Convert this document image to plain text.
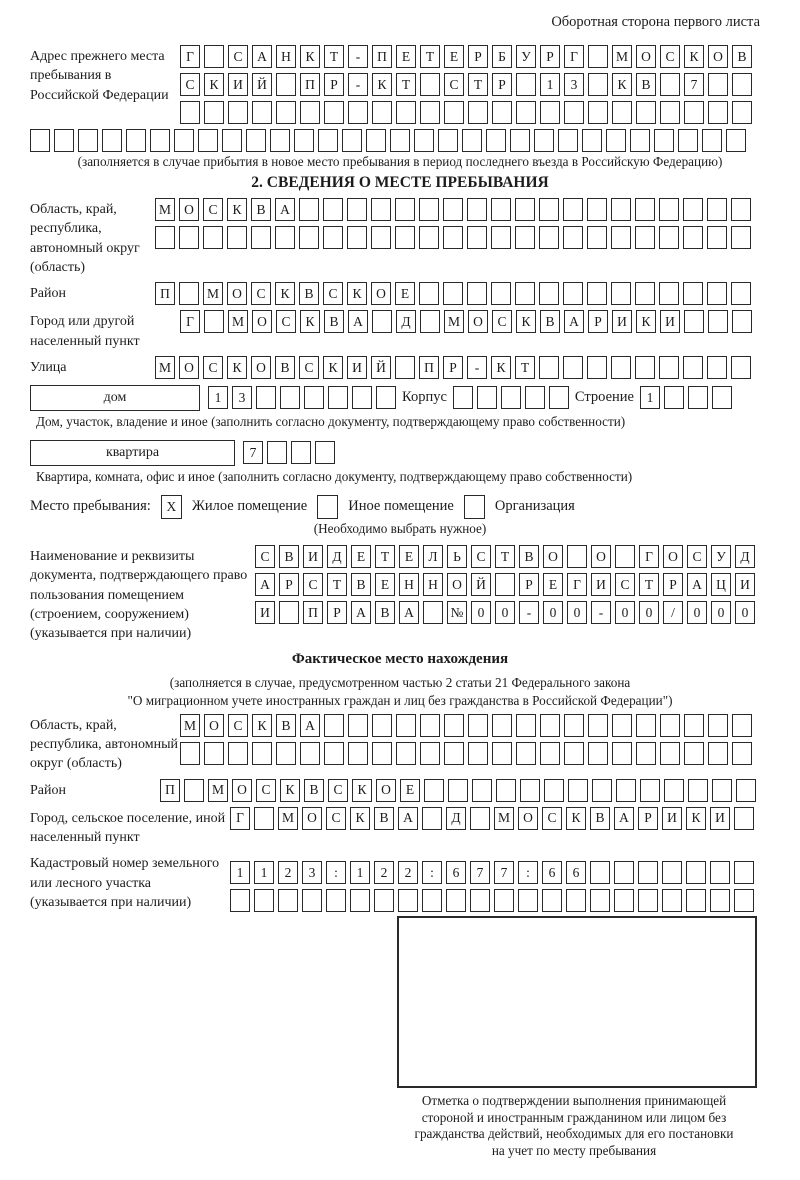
Оборотная сторона первого листа
Адрес прежнего места пребывания в Российской Федерации
Г	С	А	Н	К	Т	-	П	Е	Т	Е	Р	Б	У	Р	Г	М О	С	К	О	В
С	К	И	Й	П	Р	-	К	Т	С	Т	Р	1	3	К	В	7
(заполняется в случае прибытия в новое место пребывания в период последнего въезда в Российскую Федерацию)
2. СВЕДЕНИЯ О МЕСТЕ ПРЕБЫВАНИЯ
Область, край, республика, автономный округ (область)
М О	С	К	В	А
Район	П	М О	С	К	В	С	К	О	Е
Город или другой населенный пункт
Г	М О	С	К	В	А	Д	М О	С	К	В	А	Р	И	К	И
Улица	М О	С	К	О	В	С	К	И	Й	П	Р	-	К	Т
дом	1	3	Корпус	Строение 1
Дом, участок, владение и иное (заполнить согласно документу, подтверждающему право собственности)
квартира	7
Квартира, комната, офис и иное (заполнить согласно документу, подтверждающему право собственности)
Место пребывания:	X	Жилое помещение	Иное помещение	Организация
(Необходимо выбрать нужное)
Наименование и реквизиты документа, подтверждающего право пользования помещением (строением, сооружением) (указывается при наличии)
С	В	И	Д	Е	Т	Е	Л	Ь	С	Т	В	О	О	Г	О	С	У	Д
А	Р	С	Т	В	Е	Н	Н	О	Й	Р	Е	Г	И	С	Т	Р	А	Ц	И
И	П	Р	А	В	А	№	0	0	-	0	0	-	0	0	/	0	0	0
Фактическое место нахождения
(заполняется в случае, предусмотренном частью 2 статьи 21 Федерального закона
"О миграционном учете иностранных граждан и лиц без гражданства в Российской Федерации")
Область, край, республика, автономный округ (область)
М О	С	К	В	А
Район	П	М О	С	К	В	С	К	О	Е
Город, сельское поселение, иной населенный пункт
Г	М О	С	К	В	А	Д	М О	С	К	В	А	Р	И	К	И
Кадастровый номер земельного или лесного участка (указывается при наличии)
1	1	2	3	:	1	2	2	:	6	7	7	:	6	6
Отметка о подтверждении выполнения принимающей
стороной и иностранным гражданином или лицом без
гражданства действий, необходимых для его постановки
на учет по месту пребывания
